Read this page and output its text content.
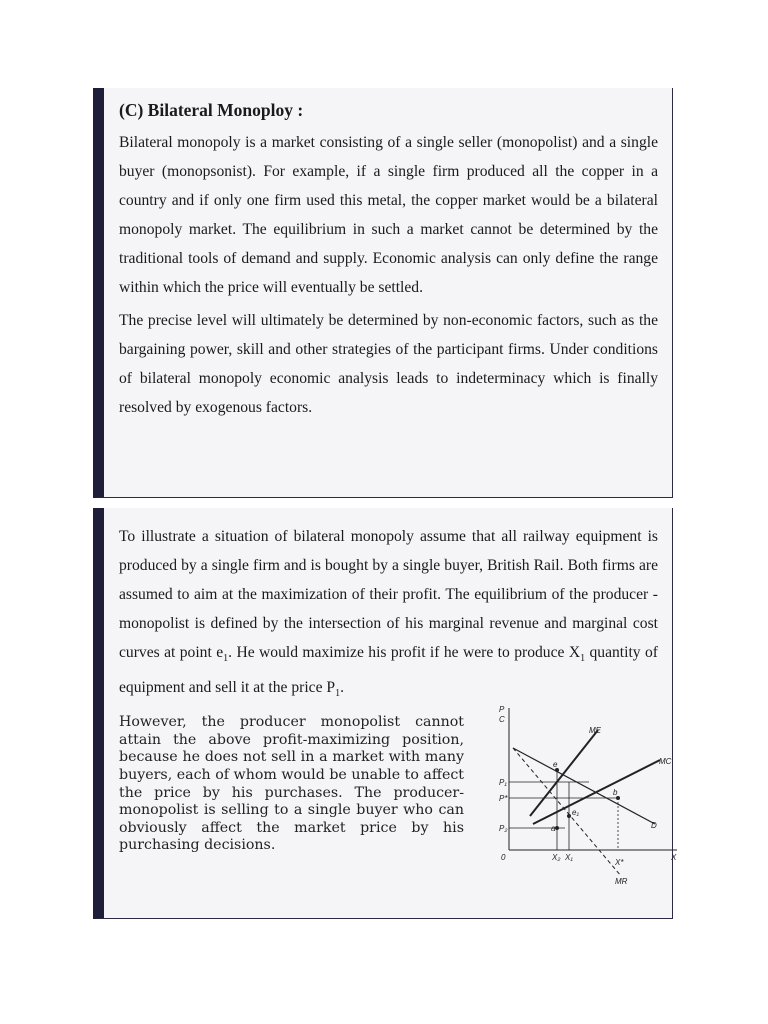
(C) Bilateral Monoploy :

Bilateral monopoly is a market consisting of a single seller (monopolist) and a single buyer (monopsonist). For example, if a single firm produced all the copper in a country and if only one firm used this metal, the copper market would be a bilateral monopoly market. The equilibrium in such a market cannot be determined by the traditional tools of demand and supply. Economic analysis can only define the range within which the price will eventually be settled.

The precise level will ultimately be determined by non-economic factors, such as the bargaining power, skill and other strategies of the participant firms. Under conditions of bilateral monopoly economic analysis leads to indeterminacy which is finally resolved by exogenous factors.

To illustrate a situation of bilateral monopoly assume that all railway equipment is produced by a single firm and is bought by a single buyer, British Rail. Both firms are assumed to aim at the maximization of their profit. The equilibrium of the producer - monopolist is defined by the intersection of his marginal revenue and marginal cost curves at point $e_1$. He would maximize his profit if he were to produce $X_1$ quantity of equipment and sell it at the price $P_1$.

However, the producer monopolist cannot attain the above profit-maximizing position, because he does not sell in a market with many buyers, each of whom would be unable to affect the price by his purchases. The producer-monopolist is selling to a single buyer who can obviously affect the market price by his purchasing decisions.

P
C
X
0
ME
MC
D
MR
P₁
P*
P₂
X₂ X₁
X*
e
e₁
a
b
